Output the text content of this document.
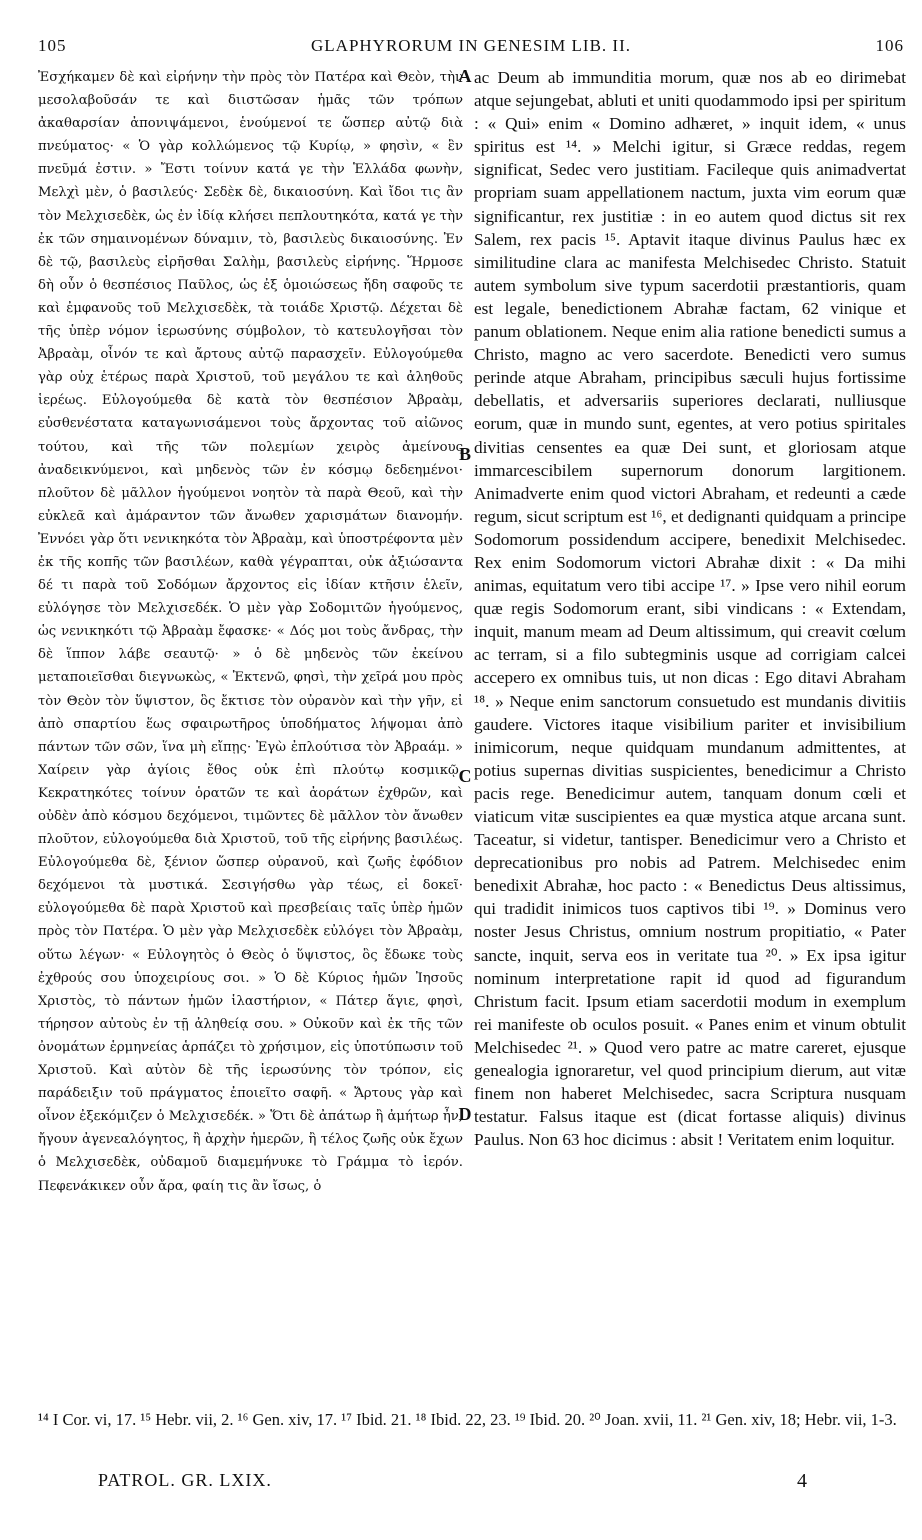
105	GLAPHYRORUM IN GENESIM LIB. II.	106

Ἐσχήκαμεν δὲ καὶ εἰρήνην τὴν πρὸς τὸν Πατέρα καὶ Θεὸν, τὴν μεσολαβοῦσάν τε καὶ διιστῶσαν ἡμᾶς τῶν τρόπων ἀκαθαρσίαν ἀπονιψάμενοι, ἑνούμενοί τε ὥσπερ αὐτῷ διὰ πνεύματος· « Ὁ γὰρ κολλώμενος τῷ Κυρίῳ, » φησὶν, « ἓν πνεῦμά ἐστιν. » Ἔστι τοίνυν κατά γε τὴν Ἑλλάδα φωνὴν, Μελχὶ μὲν, ὁ βασιλεύς· Σεδὲκ δὲ, δικαιοσύνη. Καὶ ἴδοι τις ἂν τὸν Μελχισεδὲκ, ὡς ἐν ἰδίᾳ κλήσει πεπλουτηκότα, κατά γε τὴν ἐκ τῶν σημαινομένων δύναμιν, τὸ, βασιλεὺς δικαιοσύνης. Ἐν δὲ τῷ, βασιλεὺς εἰρῆσθαι Σαλὴμ, βασιλεὺς εἰρήνης. Ἥρμοσε δὴ οὖν ὁ θεσπέσιος Παῦλος, ὡς ἐξ ὁμοιώσεως ἤδη σαφοῦς τε καὶ ἐμφανοῦς τοῦ Μελχισεδὲκ, τὰ τοιάδε Χριστῷ. Δέχεται δὲ τῆς ὑπὲρ νόμον ἱερωσύνης σύμβολον, τὸ κατευλογῆσαι τὸν Ἀβραὰμ, οἶνόν τε καὶ ἄρτους αὐτῷ παρασχεῖν. Εὐλογούμεθα γὰρ οὐχ ἑτέρως παρὰ Χριστοῦ, τοῦ μεγάλου τε καὶ ἀληθοῦς ἱερέως. Εὐλογούμεθα δὲ κατὰ τὸν θεσπέσιον Ἀβραὰμ, εὐσθενέστατα καταγωνισάμενοι τοὺς ἄρχοντας τοῦ αἰῶνος τούτου, καὶ τῆς τῶν πολεμίων χειρὸς ἀμείνους ἀναδεικνύμενοι, καὶ μηδενὸς τῶν ἐν κόσμῳ δεδεημένοι· πλοῦτον δὲ μᾶλλον ἡγούμενοι νοητὸν τὰ παρὰ Θεοῦ, καὶ τὴν εὐκλεᾶ καὶ ἀμάραντον τῶν ἄνωθεν χαρισμάτων διανομήν. Ἐννόει γὰρ ὅτι νενικηκότα τὸν Ἀβραὰμ, καὶ ὑποστρέφοντα μὲν ἐκ τῆς κοπῆς τῶν βασιλέων, καθὰ γέγραπται, οὐκ ἀξιώσαντα δέ τι παρὰ τοῦ Σοδόμων ἄρχοντος εἰς ἰδίαν κτῆσιν ἑλεῖν, εὐλόγησε τὸν Μελχισεδέκ. Ὁ μὲν γὰρ Σοδομιτῶν ἡγούμενος, ὡς νενικηκότι τῷ Ἀβραὰμ ἔφασκε· « Δός μοι τοὺς ἄνδρας, τὴν δὲ ἵππον λάβε σεαυτῷ· » ὁ δὲ μηδενὸς τῶν ἐκείνου μεταποιεῖσθαι διεγνωκὼς, « Ἐκτενῶ, φησὶ, τὴν χεῖρά μου πρὸς τὸν Θεὸν τὸν ὕψιστον, ὃς ἔκτισε τὸν οὐρανὸν καὶ τὴν γῆν, εἰ ἀπὸ σπαρτίου ἕως σφαιρωτῆρος ὑποδήματος λήψομαι ἀπὸ πάντων τῶν σῶν, ἵνα μὴ εἴπῃς· Ἐγὼ ἐπλούτισα τὸν Ἀβραάμ. » Χαίρειν γὰρ ἁγίοις ἔθος οὐκ ἐπὶ πλούτῳ κοσμικῷ. Κεκρατηκότες τοίνυν ὁρατῶν τε καὶ ἀοράτων ἐχθρῶν, καὶ οὐδὲν ἀπὸ κόσμου δεχόμενοι, τιμῶντες δὲ μᾶλλον τὸν ἄνωθεν πλοῦτον, εὐλογούμεθα διὰ Χριστοῦ, τοῦ τῆς εἰρήνης βασιλέως. Εὐλογούμεθα δὲ, ξένιον ὥσπερ οὐρανοῦ, καὶ ζωῆς ἐφόδιον δεχόμενοι τὰ μυστικά. Σεσιγήσθω γὰρ τέως, εἰ δοκεῖ· εὐλογούμεθα δὲ παρὰ Χριστοῦ καὶ πρεσβείαις ταῖς ὑπὲρ ἡμῶν πρὸς τὸν Πατέρα. Ὁ μὲν γὰρ Μελχισεδὲκ εὐλόγει τὸν Ἀβραὰμ, οὕτω λέγων· « Εὐλογητὸς ὁ Θεὸς ὁ ὕψιστος, ὃς ἔδωκε τοὺς ἐχθρούς σου ὑποχειρίους σοι. » Ὁ δὲ Κύριος ἡμῶν Ἰησοῦς Χριστὸς, τὸ πάντων ἡμῶν ἱλαστήριον, « Πάτερ ἅγιε, φησὶ, τήρησον αὐτοὺς ἐν τῇ ἀληθείᾳ σου. » Οὐκοῦν καὶ ἐκ τῆς τῶν ὀνομάτων ἑρμηνείας ἁρπάζει τὸ χρήσιμον, εἰς ὑποτύπωσιν τοῦ Χριστοῦ. Καὶ αὐτὸν δὲ τῆς ἱερωσύνης τὸν τρόπον, εἰς παράδειξιν τοῦ πράγματος ἐποιεῖτο σαφῆ. « Ἄρτους γὰρ καὶ οἶνον ἐξεκόμιζεν ὁ Μελχισεδέκ. » Ὅτι δὲ ἀπάτωρ ἢ ἀμήτωρ ἦν, ἤγουν ἀγενεαλόγητος, ἢ ἀρχὴν ἡμερῶν, ἢ τέλος ζωῆς οὐκ ἔχων ὁ Μελχισεδὲκ, οὐδαμοῦ διαμεμήνυκε τὸ Γράμμα τὸ ἱερόν. Πεφενάκικεν οὖν ἄρα, φαίη τις ἂν ἴσως, ὁ

A
B
C
D

ac Deum ab immunditia morum, quæ nos ab eo dirimebat atque sejungebat, abluti et uniti quodammodo ipsi per spiritum : « Qui» enim « Domino adhæret, » inquit idem, « unus spiritus est ¹⁴. » Melchi igitur, si Græce reddas, regem significat, Sedec vero justitiam. Facileque quis animadvertat propriam suam appellationem nactum, juxta vim eorum quæ significantur, rex justitiæ : in eo autem quod dictus sit rex Salem, rex pacis ¹⁵. Aptavit itaque divinus Paulus hæc ex similitudine clara ac manifesta Melchisedec Christo. Statuit autem symbolum sive typum sacerdotii præstantioris, quam est legale, benedictionem Abrahæ factam, 62 vinique et panum oblationem. Neque enim alia ratione benedicti sumus a Christo, magno ac vero sacerdote. Benedicti vero sumus perinde atque Abraham, principibus sæculi hujus fortissime debellatis, et adversariis superiores declarati, nulliusque eorum, quæ in mundo sunt, egentes, at vero potius spiritales divitias censentes ea quæ Dei sunt, et gloriosam atque immarcescibilem supernorum donorum largitionem. Animadverte enim quod victori Abraham, et redeunti a cæde regum, sicut scriptum est ¹⁶, et dedignanti quidquam a principe Sodomorum possidendum accipere, benedixit Melchisedec. Rex enim Sodomorum victori Abrahæ dixit : « Da mihi animas, equitatum vero tibi accipe ¹⁷. » Ipse vero nihil eorum quæ regis Sodomorum erant, sibi vindicans : « Extendam, inquit, manum meam ad Deum altissimum, qui creavit cœlum ac terram, si a filo subtegminis usque ad corrigiam calcei accepero ex omnibus tuis, ut non dicas : Ego ditavi Abraham ¹⁸. » Neque enim sanctorum consuetudo est mundanis divitiis gaudere. Victores itaque visibilium pariter et invisibilium inimicorum, neque quidquam mundanum admittentes, at potius supernas divitias suspicientes, benedicimur a Christo pacis rege. Benedicimur autem, tanquam donum cœli et viaticum vitæ suscipientes ea quæ mystica atque arcana sunt. Taceatur, si videtur, tantisper. Benedicimur vero a Christo et deprecationibus pro nobis ad Patrem. Melchisedec enim benedixit Abrahæ, hoc pacto : « Benedictus Deus altissimus, qui tradidit inimicos tuos captivos tibi ¹⁹. » Dominus vero noster Jesus Christus, omnium nostrum propitiatio, « Pater sancte, inquit, serva eos in veritate tua ²⁰. » Ex ipsa igitur nominum interpretatione rapit id quod ad figurandum Christum facit. Ipsum etiam sacerdotii modum in exemplum rei manifeste ob oculos posuit. « Panes enim et vinum obtulit Melchisedec ²¹. » Quod vero patre ac matre careret, ejusque genealogia ignoraretur, vel quod principium dierum, aut vitæ finem non haberet Melchisedec, sacra Scriptura nusquam testatur. Falsus itaque est (dicat fortasse aliquis) divinus Paulus. Non 63 hoc dicimus : absit ! Veritatem enim loquitur.

¹⁴ I Cor. vi, 17. ¹⁵ Hebr. vii, 2. ¹⁶ Gen. xiv, 17. ¹⁷ Ibid. 21. ¹⁸ Ibid. 22, 23. ¹⁹ Ibid. 20. ²⁰ Joan. xvii, 11. ²¹ Gen. xiv, 18; Hebr. vii, 1-3.

PATROL. GR. LXIX.	4
